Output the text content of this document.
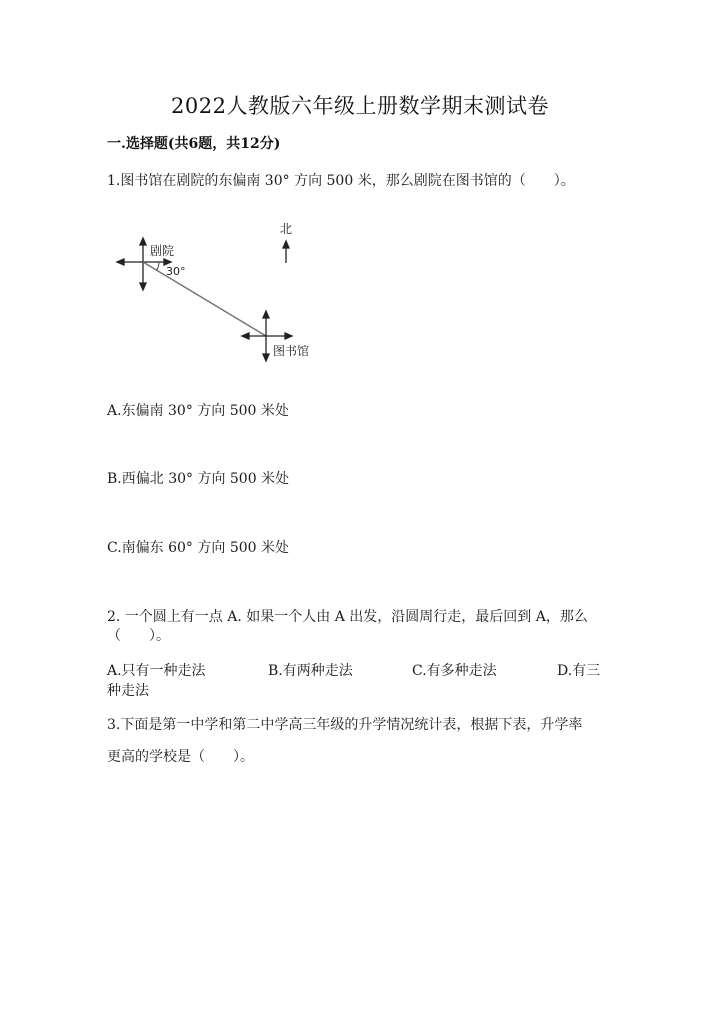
2022人教版六年级上册数学期末测试卷
一.选择题(共6题，共12分)
1.图书馆在剧院的东偏南 30° 方向 500 米，那么剧院在图书馆的（　　）。
北
剧院
30°
图书馆
A.东偏南 30° 方向 500 米处
B.西偏北 30° 方向 500 米处
C.南偏东 60° 方向 500 米处
2. 一个圆上有一点 A. 如果一个人由 A 出发，沿圆周行走，最后回到 A，那么
（　　）。
A.只有一种走法	B.有两种走法	C.有多种走法	D.有三
种走法
3.下面是第一中学和第二中学高三年级的升学情况统计表，根据下表，升学率
更高的学校是（　　）。
